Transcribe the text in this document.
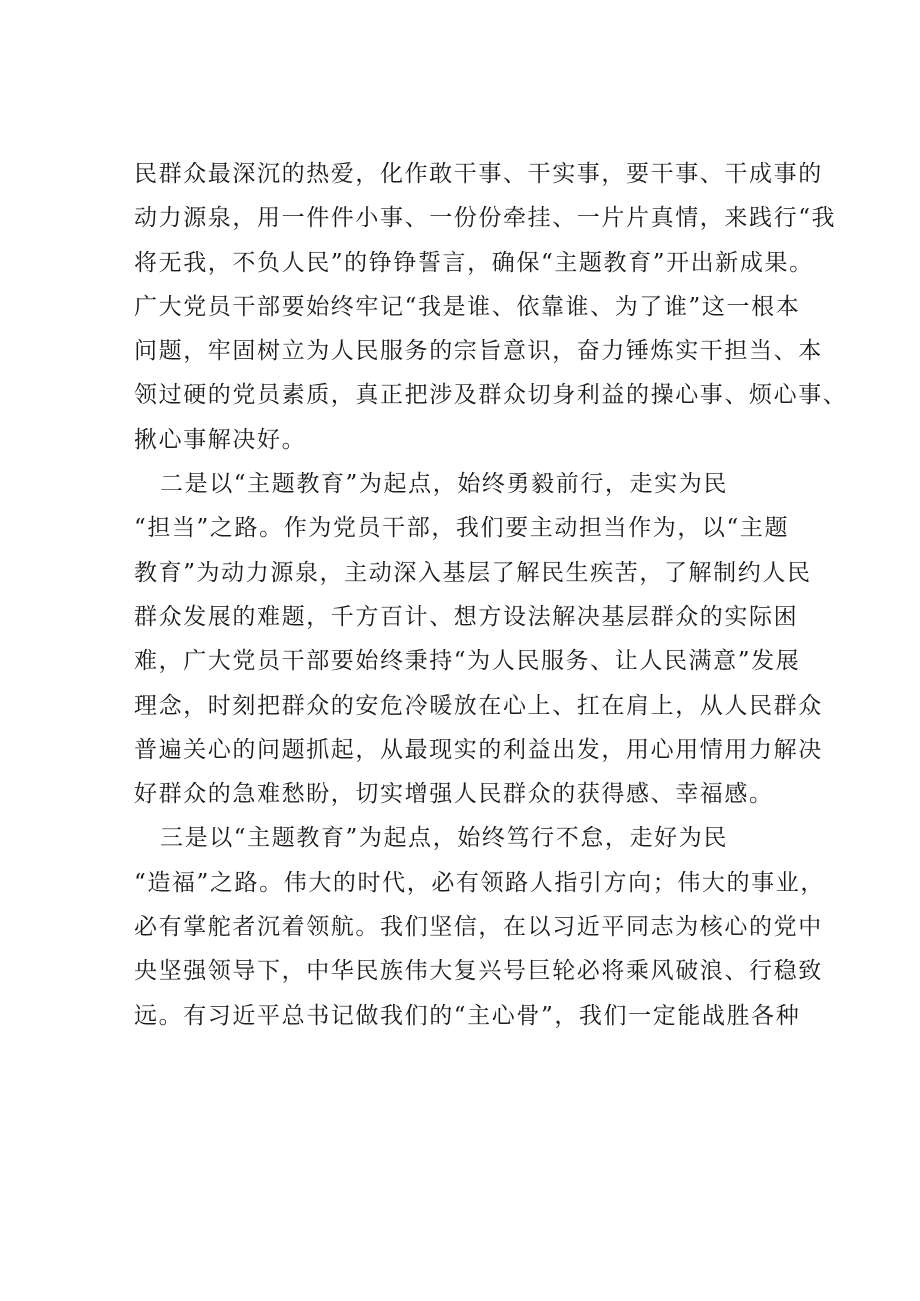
民群众最深沉的热爱，化作敢干事、干实事，要干事、干成事的
动力源泉，用一件件小事、一份份牵挂、一片片真情，来践行“我
将无我，不负人民”的铮铮誓言，确保“主题教育”开出新成果。
广大党员干部要始终牢记“我是谁、依靠谁、为了谁”这一根本
问题，牢固树立为人民服务的宗旨意识，奋力锤炼实干担当、本
领过硬的党员素质，真正把涉及群众切身利益的操心事、烦心事、
揪心事解决好。
二是以“主题教育”为起点，始终勇毅前行，走实为民
“担当”之路。作为党员干部，我们要主动担当作为，以“主题
教育”为动力源泉，主动深入基层了解民生疾苦，了解制约人民
群众发展的难题，千方百计、想方设法解决基层群众的实际困
难，广大党员干部要始终秉持“为人民服务、让人民满意”发展
理念，时刻把群众的安危冷暖放在心上、扛在肩上，从人民群众
普遍关心的问题抓起，从最现实的利益出发，用心用情用力解决
好群众的急难愁盼，切实增强人民群众的获得感、幸福感。
三是以“主题教育”为起点，始终笃行不怠，走好为民
“造福”之路。伟大的时代，必有领路人指引方向；伟大的事业，
必有掌舵者沉着领航。我们坚信，在以习近平同志为核心的党中
央坚强领导下，中华民族伟大复兴号巨轮必将乘风破浪、行稳致
远。有习近平总书记做我们的“主心骨”，我们一定能战胜各种
